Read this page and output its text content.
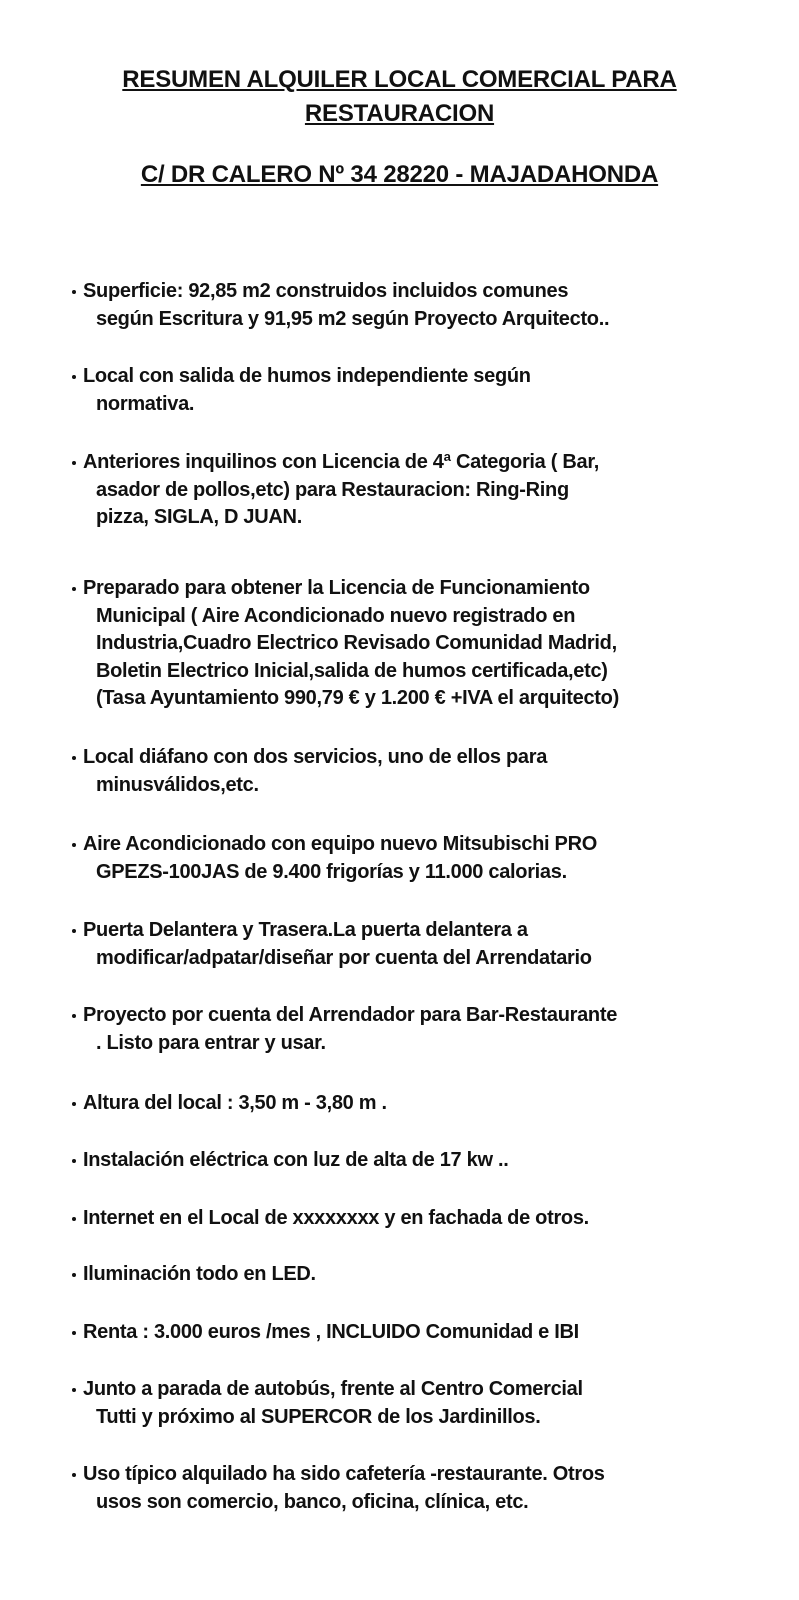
RESUMEN ALQUILER LOCAL COMERCIAL PARA
RESTAURACION
C/ DR CALERO Nº 34 28220 - MAJADAHONDA
Superficie: 92,85 m2 construidos incluidos comunes
según Escritura y 91,95 m2 según Proyecto Arquitecto..
Local con salida de humos independiente según
normativa.
Anteriores inquilinos con Licencia de 4ª Categoria ( Bar,
asador de pollos,etc) para Restauracion: Ring-Ring
pizza, SIGLA, D JUAN.
Preparado para obtener la Licencia de Funcionamiento
Municipal ( Aire Acondicionado nuevo registrado en
Industria,Cuadro Electrico Revisado Comunidad Madrid,
Boletin Electrico Inicial,salida de humos certificada,etc)
(Tasa Ayuntamiento 990,79 € y 1.200 € +IVA el arquitecto)
Local diáfano con dos servicios, uno de ellos para
minusválidos,etc.
Aire Acondicionado con equipo nuevo Mitsubischi PRO
GPEZS-100JAS de 9.400 frigorías y 11.000 calorias.
Puerta Delantera y Trasera.La puerta delantera a
modificar/adpatar/diseñar por cuenta del Arrendatario
Proyecto por cuenta del Arrendador para Bar-Restaurante
. Listo para entrar y usar.
Altura del local : 3,50 m - 3,80 m .
Instalación eléctrica con luz de alta de 17 kw ..
Internet en el Local de xxxxxxxx y en fachada de otros.
Iluminación todo en LED.
Renta : 3.000 euros /mes , INCLUIDO Comunidad e IBI
Junto a parada de autobús, frente al Centro Comercial
Tutti y próximo al SUPERCOR de los Jardinillos.
Uso típico alquilado ha sido cafetería -restaurante. Otros
usos son comercio, banco, oficina, clínica, etc.
